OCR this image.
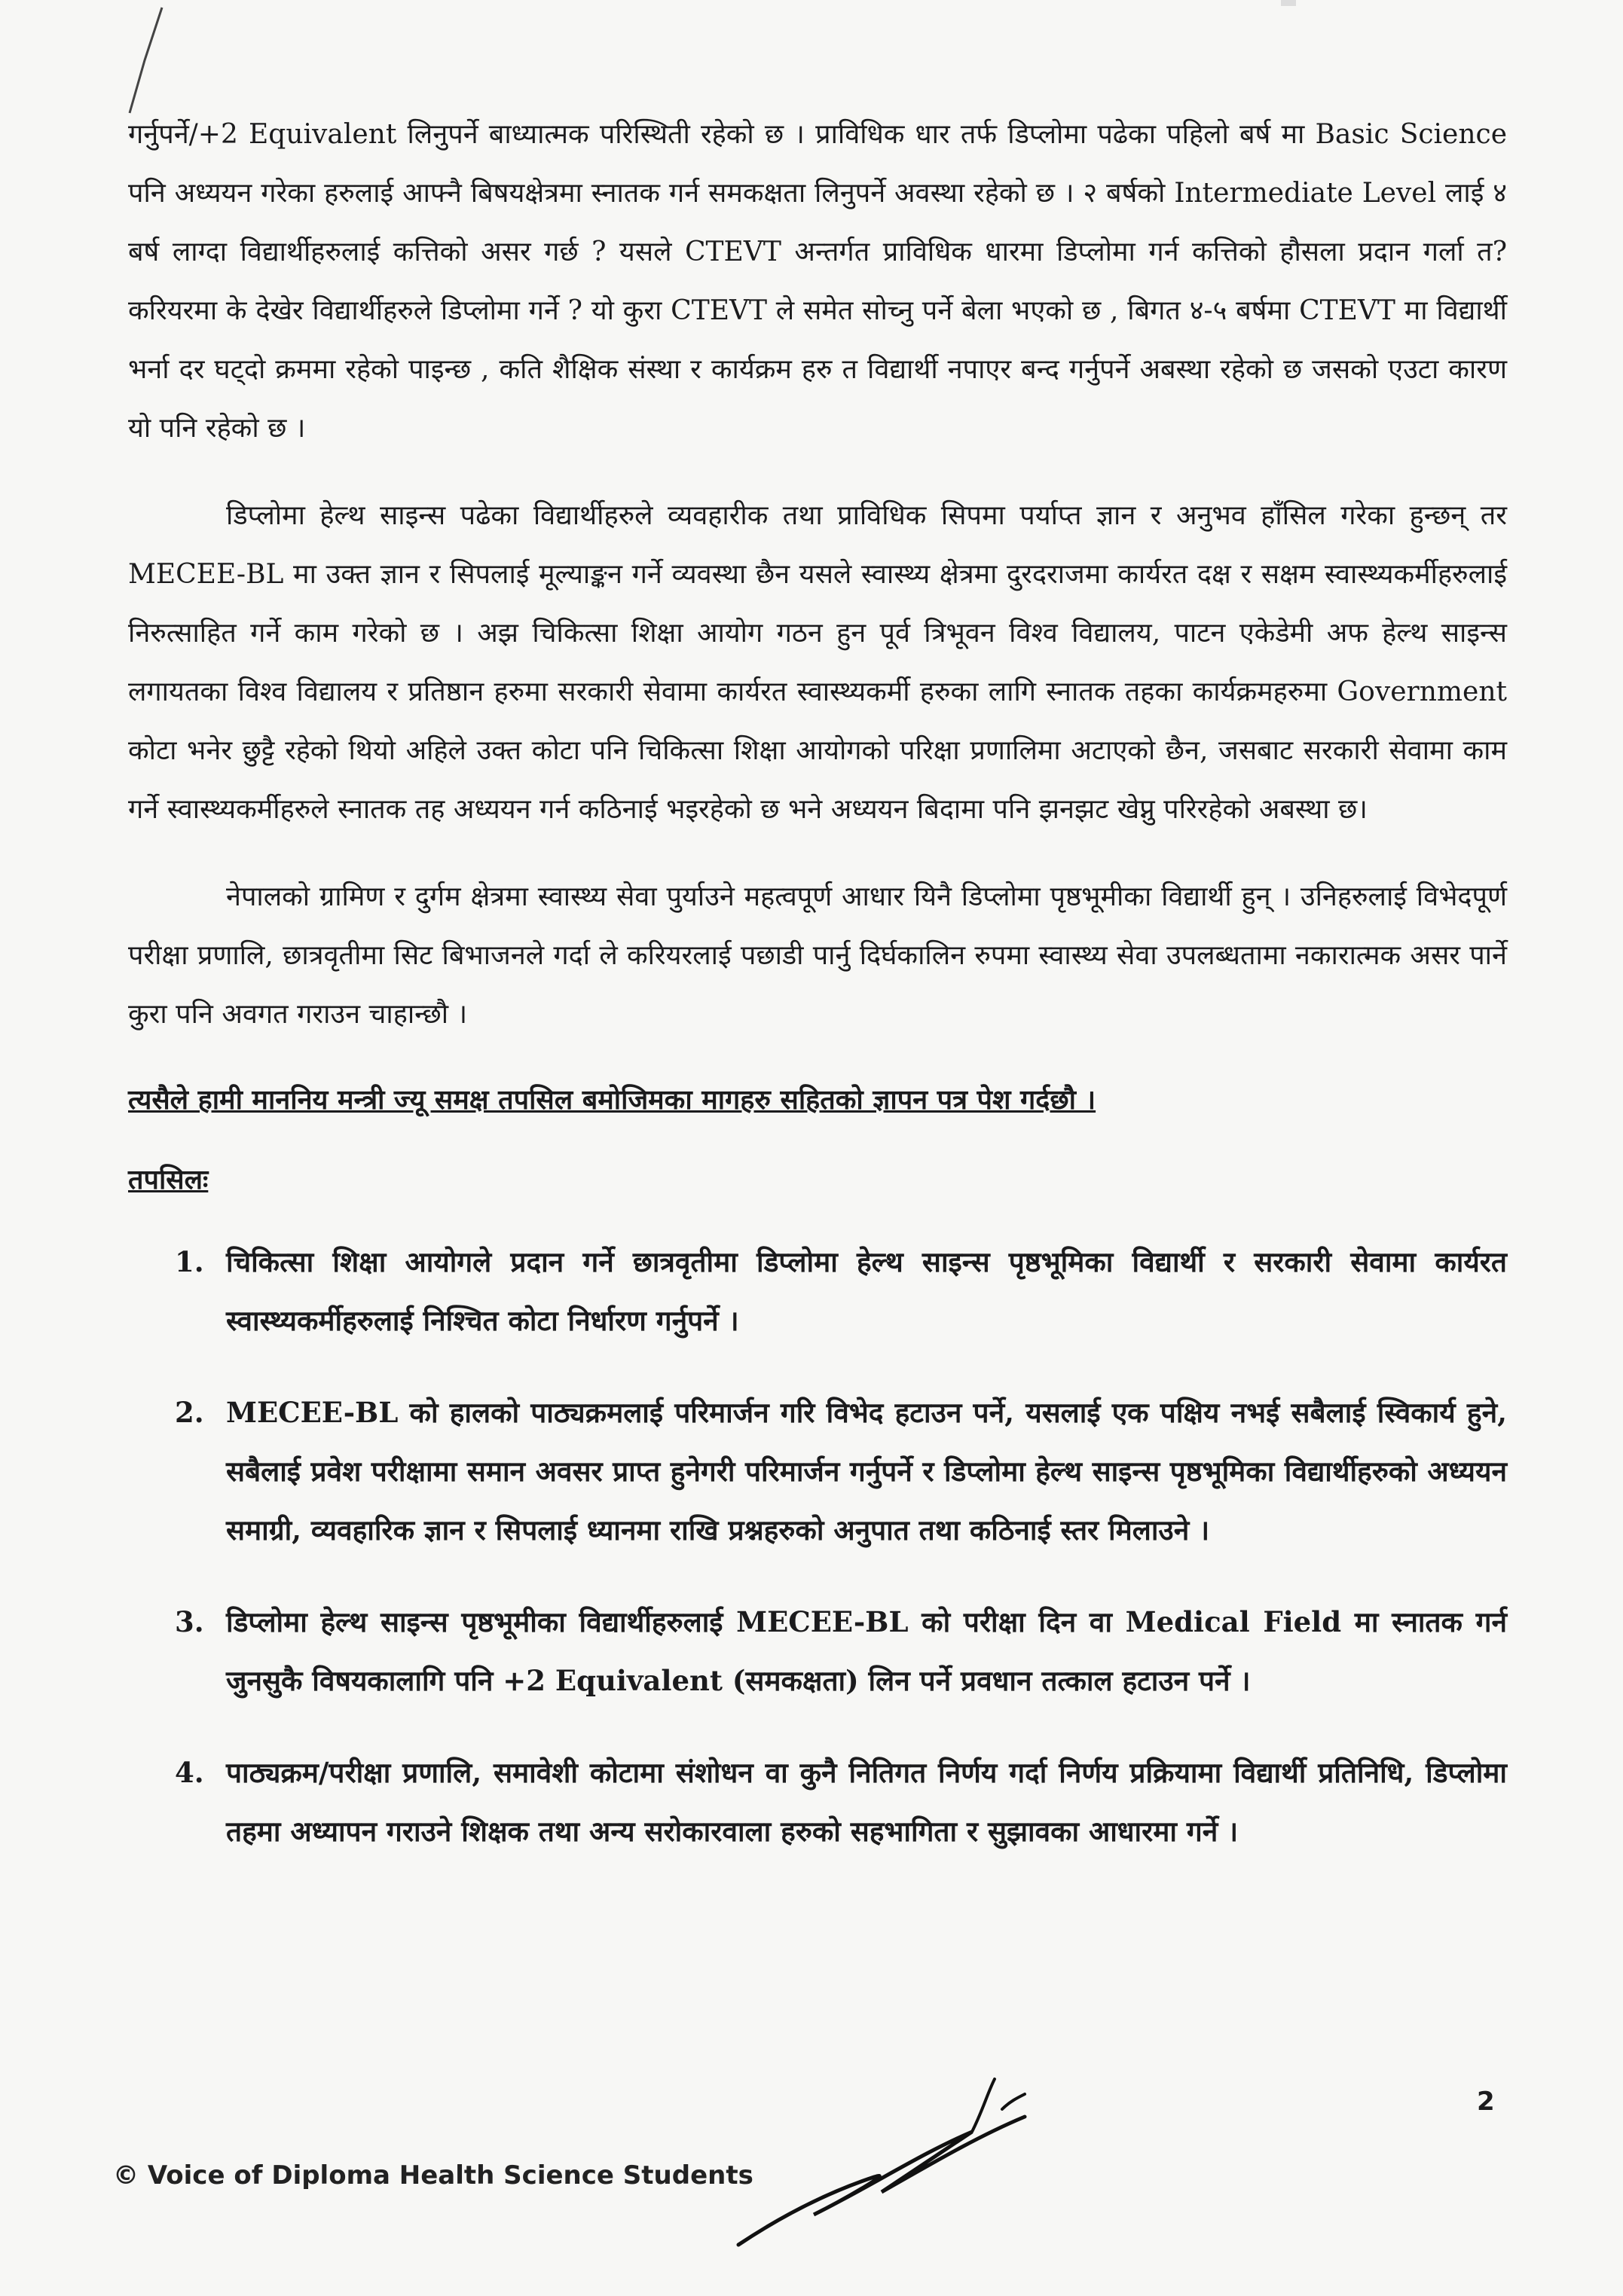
गर्नुपर्ने/+2 Equivalent लिनुपर्ने बाध्यात्मक परिस्थिती रहेको छ । प्राविधिक धार तर्फ डिप्लोमा पढेका पहिलो बर्ष मा Basic Science पनि अध्ययन गरेका हरुलाई आफ्नै बिषयक्षेत्रमा स्नातक गर्न समकक्षता लिनुपर्ने अवस्था रहेको छ । २ बर्षको Intermediate Level लाई ४ बर्ष लाग्दा विद्यार्थीहरुलाई कत्तिको असर गर्छ ? यसले CTEVT अन्तर्गत प्राविधिक धारमा डिप्लोमा गर्न कत्तिको हौसला प्रदान गर्ला त? करियरमा के देखेर विद्यार्थीहरुले डिप्लोमा गर्ने ? यो कुरा CTEVT ले समेत सोच्नु पर्ने बेला भएको छ , बिगत ४-५ बर्षमा CTEVT मा विद्यार्थी भर्ना दर घट्दो क्रममा रहेको पाइन्छ , कति शैक्षिक संस्था र कार्यक्रम हरु त विद्यार्थी नपाएर बन्द गर्नुपर्ने अबस्था रहेको छ जसको एउटा कारण यो पनि रहेको छ ।

डिप्लोमा हेल्थ साइन्स पढेका विद्यार्थीहरुले व्यवहारीक तथा प्राविधिक सिपमा पर्याप्त ज्ञान र अनुभव हाँसिल गरेका हुन्छन् तर MECEE-BL मा उक्त ज्ञान र सिपलाई मूल्याङ्कन गर्ने व्यवस्था छैन यसले स्वास्थ्य क्षेत्रमा दुरदराजमा कार्यरत दक्ष र सक्षम स्वास्थ्यकर्मीहरुलाई निरुत्साहित गर्ने काम गरेको छ । अझ चिकित्सा शिक्षा आयोग गठन हुन पूर्व त्रिभूवन विश्व विद्यालय, पाटन एकेडेमी अफ हेल्थ साइन्स लगायतका विश्व विद्यालय र प्रतिष्ठान हरुमा सरकारी सेवामा कार्यरत स्वास्थ्यकर्मी हरुका लागि स्नातक तहका कार्यक्रमहरुमा Government कोटा भनेर छुट्टै रहेको थियो अहिले उक्त कोटा पनि चिकित्सा शिक्षा आयोगको परिक्षा प्रणालिमा अटाएको छैन, जसबाट सरकारी सेवामा काम गर्ने स्वास्थ्यकर्मीहरुले स्नातक तह अध्ययन गर्न कठिनाई भइरहेको छ भने अध्ययन बिदामा पनि झनझट खेप्नु परिरहेको अबस्था छ।

नेपालको ग्रामिण र दुर्गम क्षेत्रमा स्वास्थ्य सेवा पुर्याउने महत्वपूर्ण आधार यिनै डिप्लोमा पृष्ठभूमीका विद्यार्थी हुन् । उनिहरुलाई विभेदपूर्ण परीक्षा प्रणालि, छात्रवृतीमा सिट बिभाजनले गर्दा ले करियरलाई पछाडी पार्नु दिर्घकालिन रुपमा स्वास्थ्य सेवा उपलब्धतामा नकारात्मक असर पार्ने कुरा पनि अवगत गराउन चाहान्छौ ।

त्यसैले हामी माननिय मन्त्री ज्यू समक्ष तपसिल बमोजिमका मागहरु सहितको ज्ञापन पत्र पेश गर्दछौ ।
तपसिलः
1. चिकित्सा शिक्षा आयोगले प्रदान गर्ने छात्रवृतीमा डिप्लोमा हेल्थ साइन्स पृष्ठभूमिका विद्यार्थी र सरकारी सेवामा कार्यरत स्वास्थ्यकर्मीहरुलाई निश्चित कोटा निर्धारण गर्नुपर्ने ।
2. MECEE-BL को हालको पाठ्यक्रमलाई परिमार्जन गरि विभेद हटाउन पर्ने, यसलाई एक पक्षिय नभई सबैलाई स्विकार्य हुने, सबैलाई प्रवेश परीक्षामा समान अवसर प्राप्त हुनेगरी परिमार्जन गर्नुपर्ने र डिप्लोमा हेल्थ साइन्स पृष्ठभूमिका विद्यार्थीहरुको अध्ययन समाग्री, व्यवहारिक ज्ञान र सिपलाई ध्यानमा राखि प्रश्नहरुको अनुपात तथा कठिनाई स्तर मिलाउने ।
3. डिप्लोमा हेल्थ साइन्स पृष्ठभूमीका विद्यार्थीहरुलाई MECEE-BL को परीक्षा दिन वा Medical Field मा स्नातक गर्न जुनसुकै विषयकालागि पनि +2 Equivalent (समकक्षता) लिन पर्ने प्रवधान तत्काल हटाउन पर्ने ।
4. पाठ्यक्रम/परीक्षा प्रणालि, समावेशी कोटामा संशोधन वा कुनै नितिगत निर्णय गर्दा निर्णय प्रक्रियामा विद्यार्थी प्रतिनिधि, डिप्लोमा तहमा अध्यापन गराउने शिक्षक तथा अन्य सरोकारवाला हरुको सहभागिता र सुझावका आधारमा गर्ने ।
2
© Voice of Diploma Health Science Students
